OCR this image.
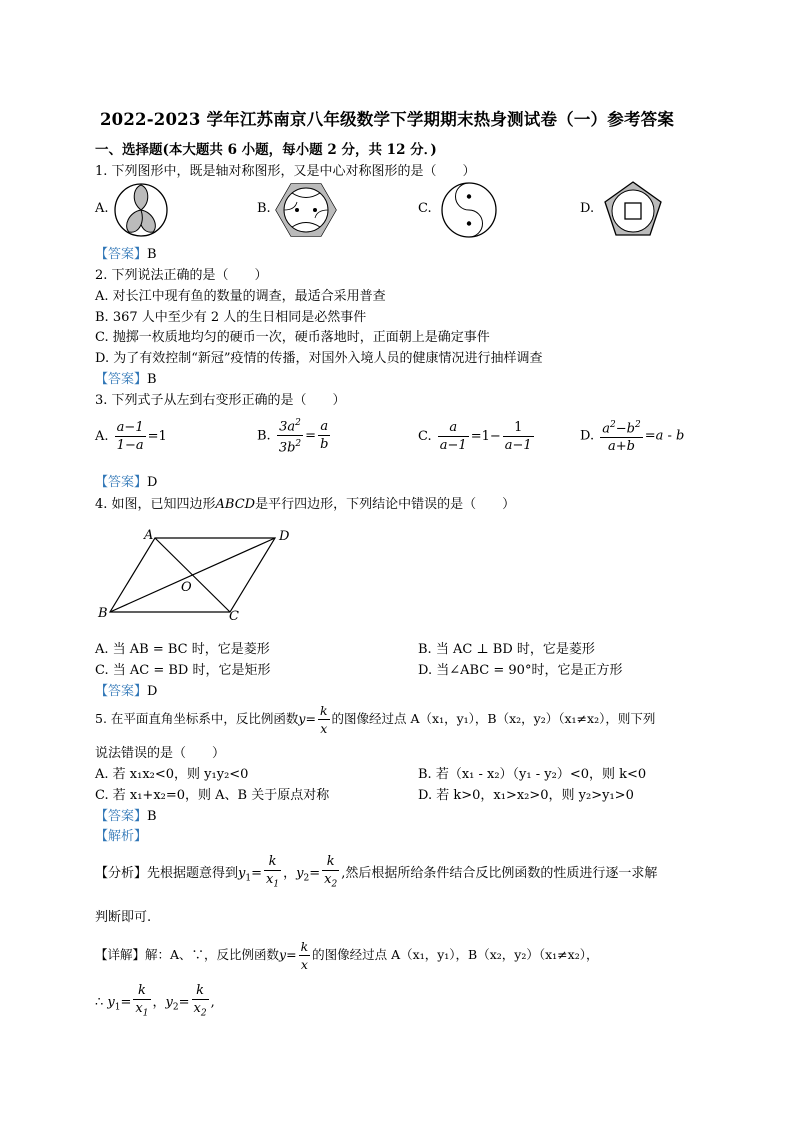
2022-2023 学年江苏南京八年级数学下学期期末热身测试卷（一）参考答案
一、选择题(本大题共 6 小题，每小题 2 分，共 12 分．)
1. 下列图形中，既是轴对称图形，又是中心对称图形的是（　　）
A.	B.	C.	D.
【答案】B
2. 下列说法正确的是（　　）
A. 对长江中现有鱼的数量的调查，最适合采用普查
B. 367 人中至少有 2 人的生日相同是必然事件
C. 抛掷一枚质地均匀的硬币一次，硬币落地时，正面朝上是确定事件
D. 为了有效控制“新冠”疫情的传播，对国外入境人员的健康情况进行抽样调查
【答案】B
3. 下列式子从左到右变形正确的是（　　）
A. $\frac{a-1}{1-a} =1$	B. $\frac{3a^2}{3b^2} = \frac{a}{b}$	C. $\frac{a}{a-1} =1- \frac{1}{a-1}$	D. $\frac{a^2-b^2}{a+b} =a - b$
【答案】D
4. 如图，已知四边形ABCD是平行四边形，下列结论中错误的是（　　）
A	D
O
B	C
A. 当 AB = BC 时，它是菱形	B. 当 AC ⊥ BD 时，它是菱形
C. 当 AC = BD 时，它是矩形	D. 当∠ABC = 90°时，它是正方形
【答案】D
5. 在平面直角坐标系中，反比例函数$y= \frac{k}{x}$ 的图像经过点 A（x₁，y₁），B（x₂，y₂）（x₁≠x₂），则下列
说法错误的是（　　）
A. 若 x₁x₂<0，则 y₁y₂<0	B. 若（x₁ - x₂）（y₁ - y₂）<0，则 k<0
C. 若 x₁+x₂=0，则 A、B 关于原点对称	D. 若 k>0，x₁>x₂>0，则 y₂>y₁>0
【答案】B
【解析】
【分析】先根据题意得到$y_1= \frac{k}{x_1}$ ，$y_2= \frac{k}{x_2}$ ,然后根据所给条件结合反比例函数的性质进行逐一求解
判断即可.
【详解】解：A、∵，反比例函数$y= \frac{k}{x}$ 的图像经过点 A（x₁，y₁），B（x₂，y₂）（x₁≠x₂），
∴ $y_1= \frac{k}{x_1}$ ，$y_2= \frac{k}{x_2}$ ,
